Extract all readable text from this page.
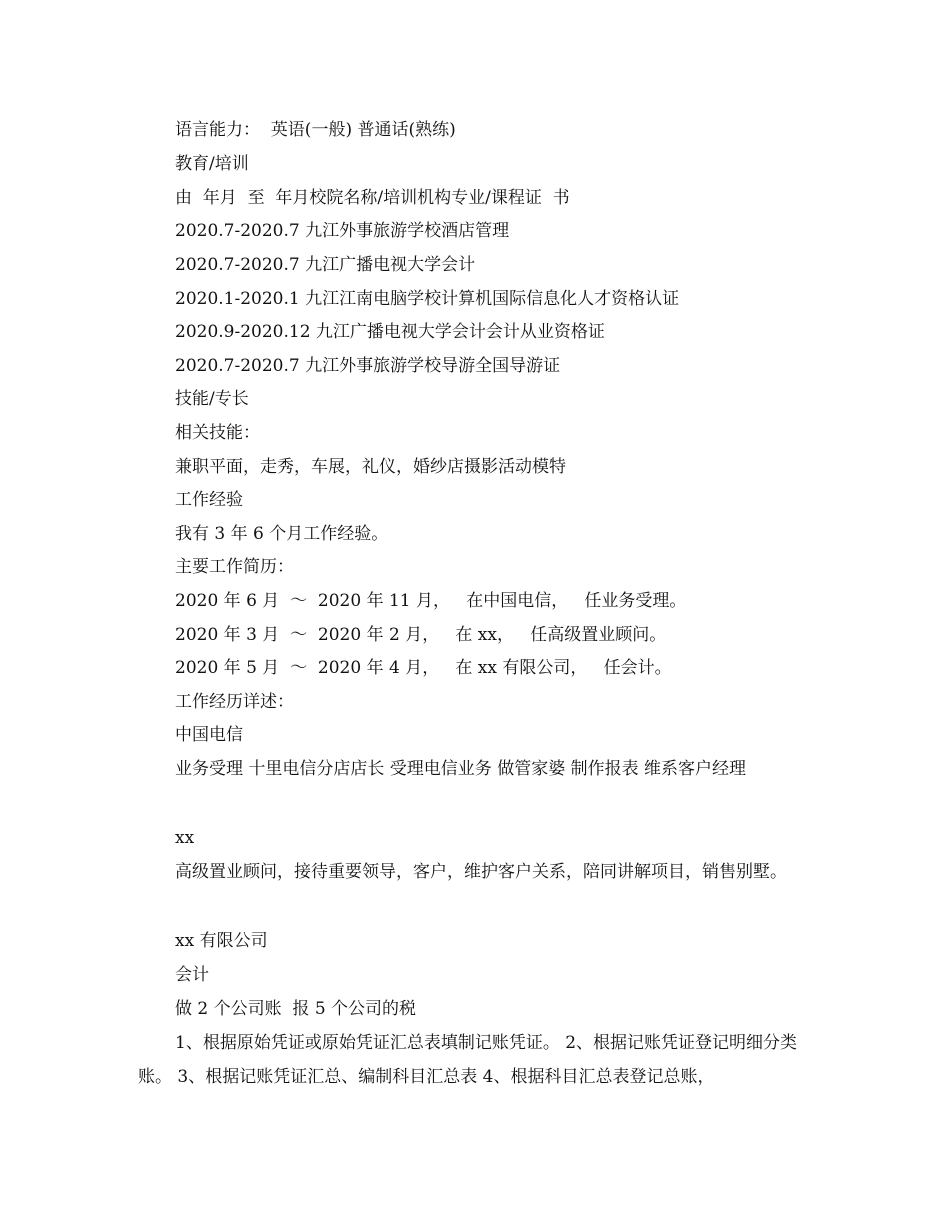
语言能力：  英语(一般) 普通话(熟练)
教育/培训
由  年月  至  年月校院名称/培训机构专业/课程证  书
2020.7-2020.7 九江外事旅游学校酒店管理
2020.7-2020.7 九江广播电视大学会计
2020.1-2020.1 九江江南电脑学校计算机国际信息化人才资格认证
2020.9-2020.12 九江广播电视大学会计会计从业资格证
2020.7-2020.7 九江外事旅游学校导游全国导游证
技能/专长
相关技能：
兼职平面，走秀，车展，礼仪，婚纱店摄影活动模特
工作经验
我有 3 年 6 个月工作经验。
主要工作简历：
2020 年 6 月  ～  2020 年 11 月，   在中国电信，   任业务受理。
2020 年 3 月  ～  2020 年 2 月，   在 xx，   任高级置业顾问。
2020 年 5 月  ～  2020 年 4 月，   在 xx 有限公司，   任会计。
工作经历详述：
中国电信
业务受理 十里电信分店店长 受理电信业务 做管家婆 制作报表 维系客户经理
xx
高级置业顾问，接待重要领导，客户，维护客户关系，陪同讲解项目，销售别墅。
xx 有限公司
会计
做 2 个公司账  报 5 个公司的税
1、根据原始凭证或原始凭证汇总表填制记账凭证。 2、根据记账凭证登记明细分类账。 3、根据记账凭证汇总、编制科目汇总表 4、根据科目汇总表登记总账，
